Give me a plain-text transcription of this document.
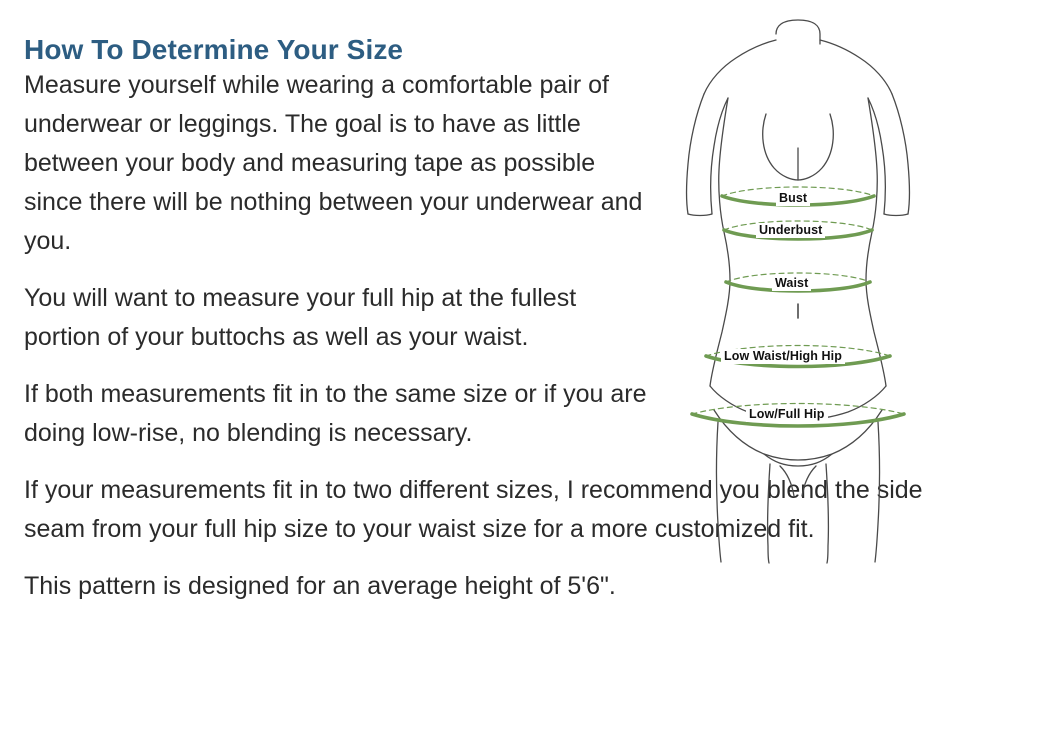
How To Determine Your Size

Measure yourself while wearing a comfortable pair of underwear or leggings. The goal is to have as little between your body and measuring tape as possible since there will be nothing between your underwear and you.

You will want to measure your full hip at the fullest portion of your buttochs as well as your waist.

If both measurements fit in to the same size or if you are doing low-rise, no blending is necessary.

If your measurements fit in to two different sizes, I recommend you blend the side seam from your full hip size to your waist size for a more customized fit.

This pattern is designed for an average height of 5'6".

Bust
Underbust
Waist
Low Waist/High Hip
Low/Full Hip
